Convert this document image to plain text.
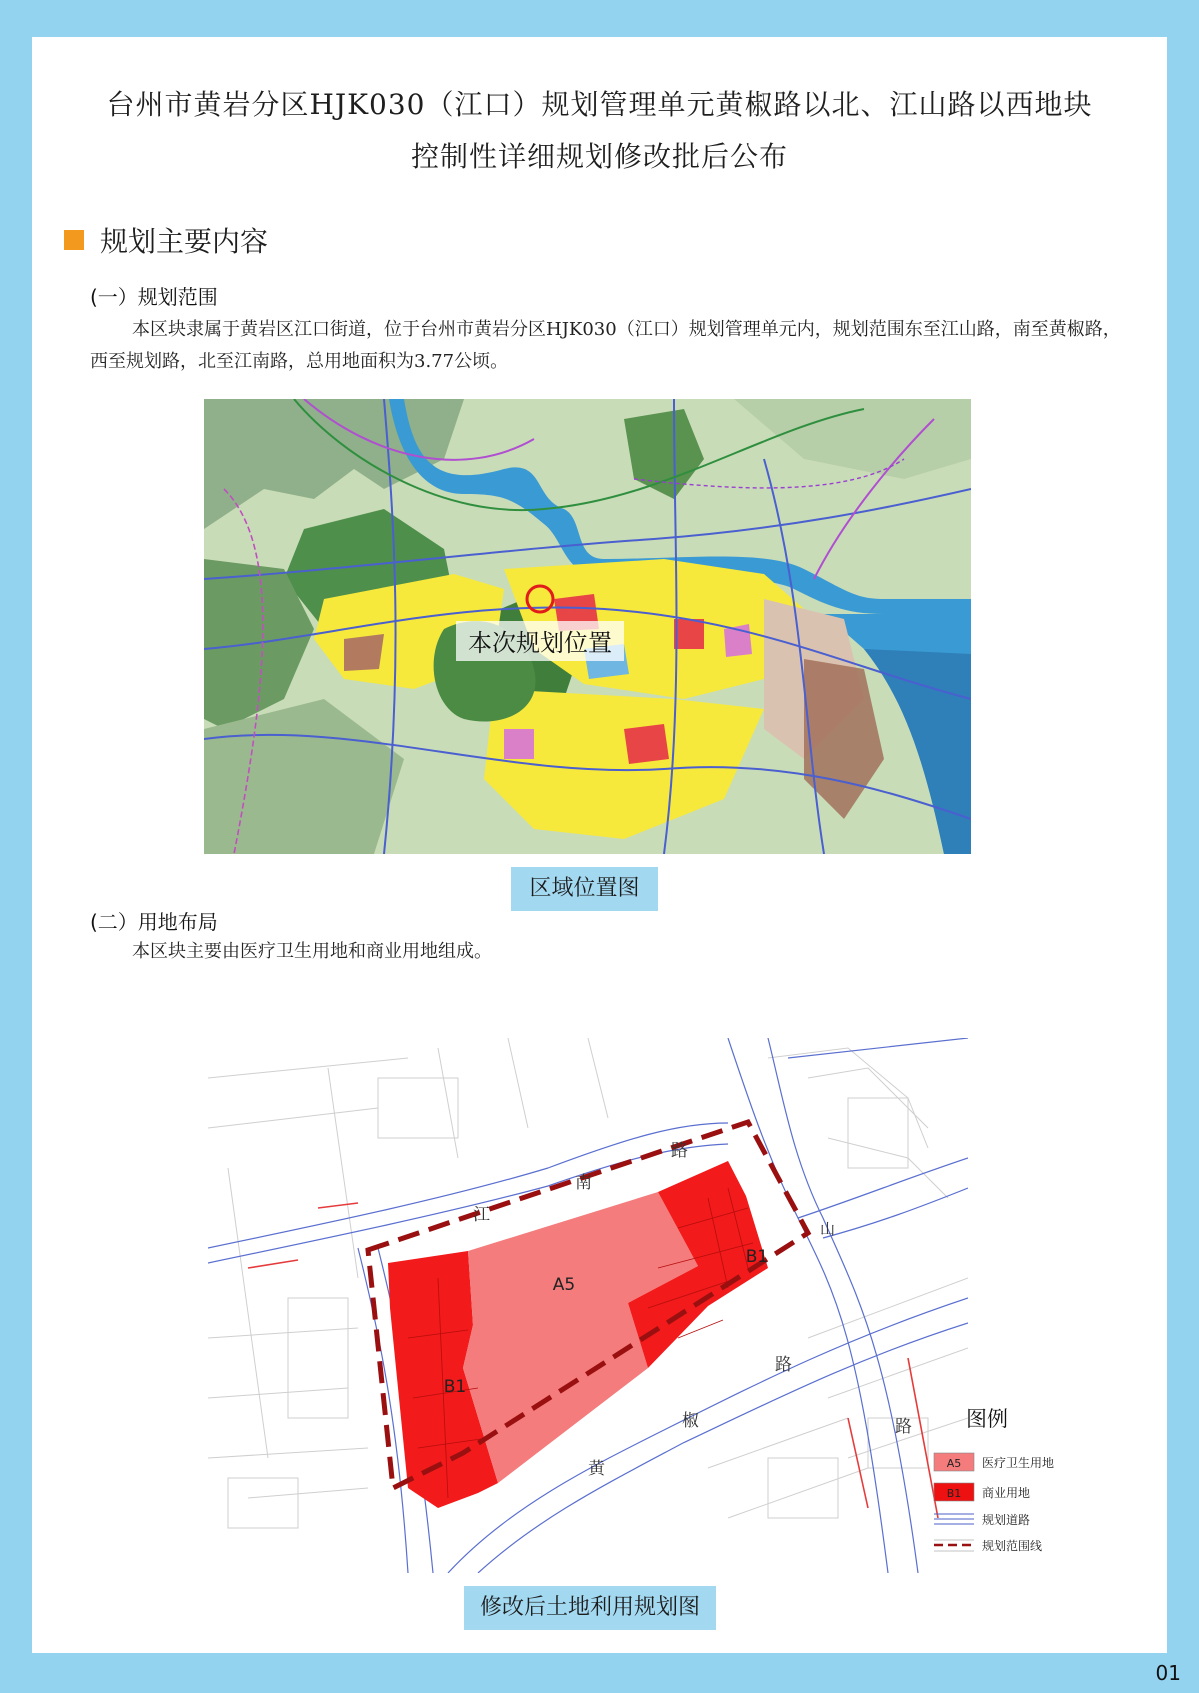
台州市黄岩分区HJK030（江口）规划管理单元黄椒路以北、江山路以西地块
控制性详细规划修改批后公布
规划主要内容
(一）规划范围
本区块隶属于黄岩区江口街道，位于台州市黄岩分区HJK030（江口）规划管理单元内，规划范围东至江山路，南至黄椒路，西至规划路，北至江南路，总用地面积为3.77公顷。
本次规划位置
区域位置图
(二）用地布局
本区块主要由医疗卫生用地和商业用地组成。
A5
B1
B1
江
南
路
山
路
黄
椒
路
图例
A5 医疗卫生用地
B1 商业用地
规划道路
规划范围线
修改后土地利用规划图
01
